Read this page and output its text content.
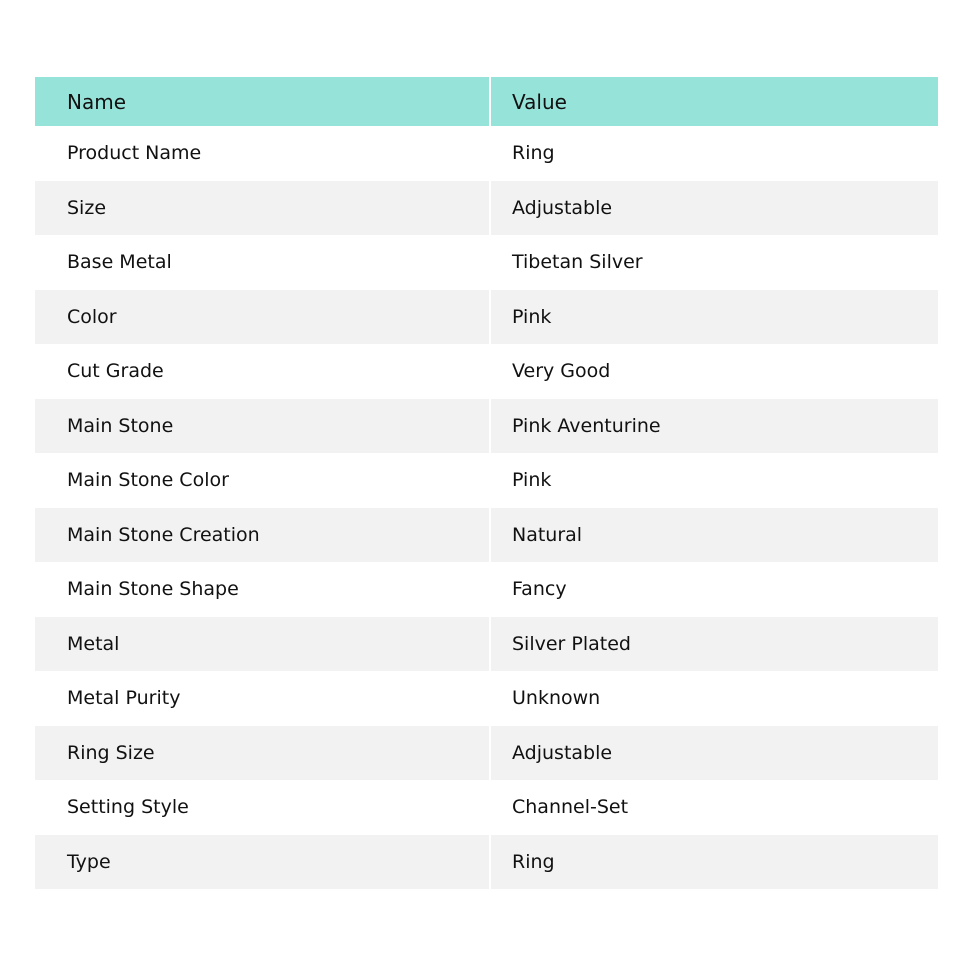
Name	Value
Product Name	Ring
Size	Adjustable
Base Metal	Tibetan Silver
Color	Pink
Cut Grade	Very Good
Main Stone	Pink Aventurine
Main Stone Color	Pink
Main Stone Creation	Natural
Main Stone Shape	Fancy
Metal	Silver Plated
Metal Purity	Unknown
Ring Size	Adjustable
Setting Style	Channel-Set
Type	Ring
